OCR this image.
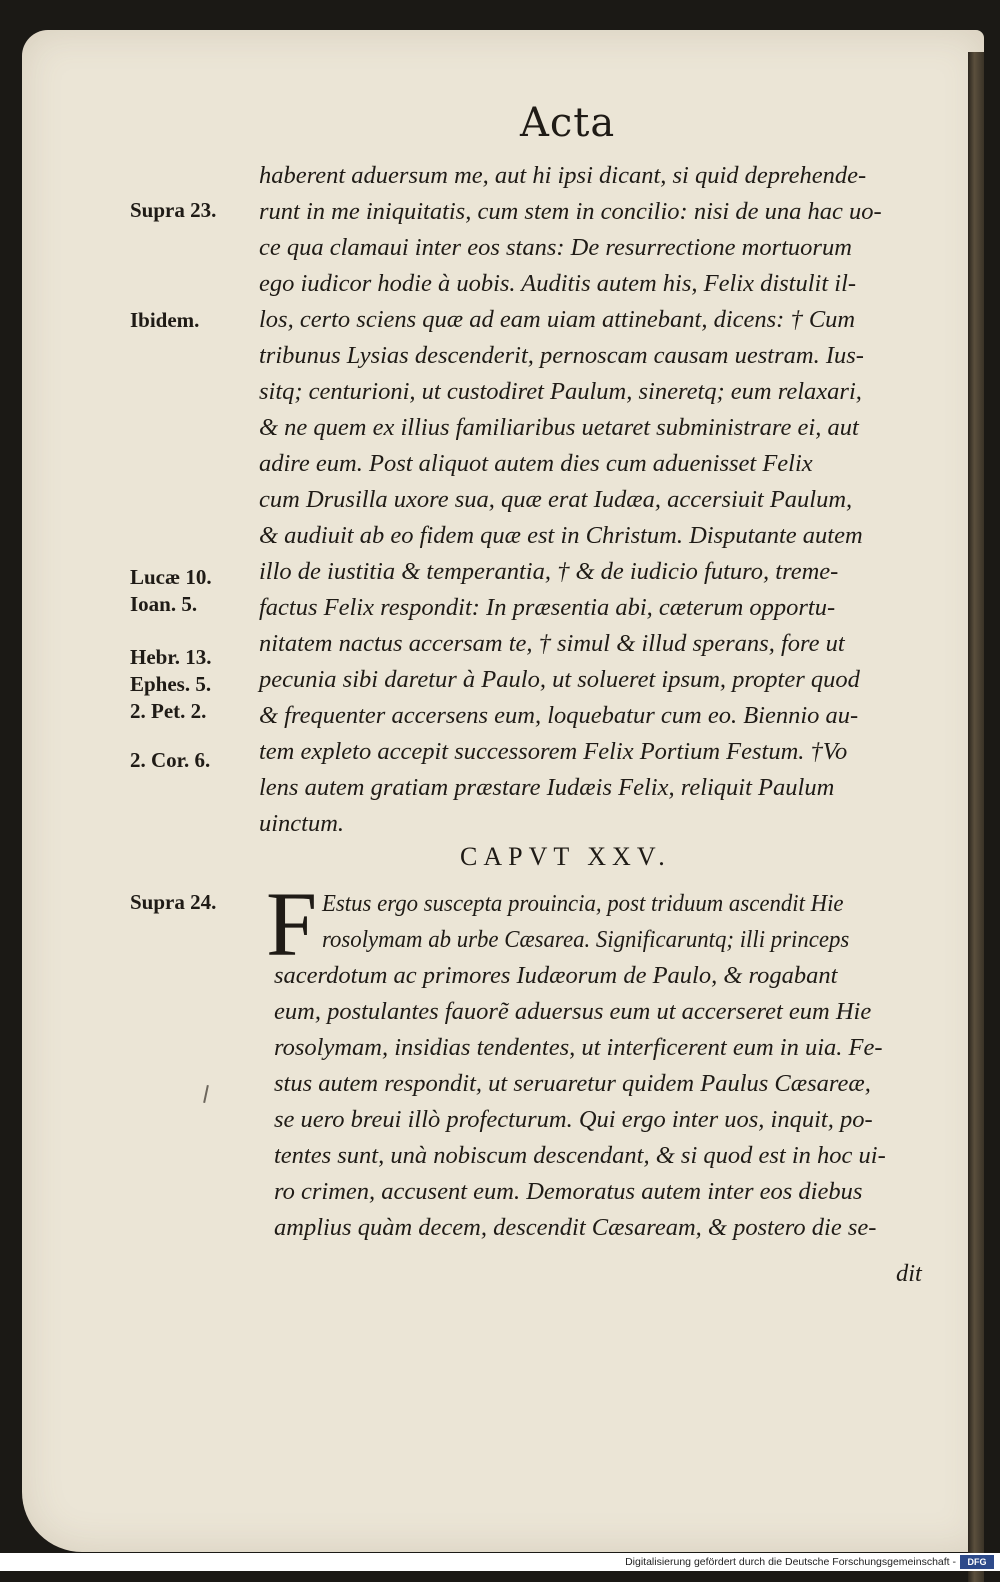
Acta
Supra 23.
Ibidem.
Lucæ 10.
Ioan. 5.
Hebr. 13.
Ephes. 5.
2. Pet. 2.
2. Cor. 6.
Supra 24.
haberent aduersum me, aut hi ipsi dicant, si quid deprehende-
runt in me iniquitatis, cum stem in concilio: nisi de una hac uo-
ce qua clamaui inter eos stans: De resurrectione mortuorum
ego iudicor hodie à uobis. Auditis autem his, Felix distulit il-
los, certo sciens quæ ad eam uiam attinebant, dicens: † Cum
tribunus Lysias descenderit, pernoscam causam uestram. Ius-
sitq; centurioni, ut custodiret Paulum, sineretq; eum relaxari,
& ne quem ex illius familiaribus uetaret subministrare ei, aut
adire eum. Post aliquot autem dies cum aduenisset Felix
cum Drusilla uxore sua, quæ erat Iudæa, accersiuit Paulum,
& audiuit ab eo fidem quæ est in Christum. Disputante autem
illo de iustitia & temperantia, † & de iudicio futuro, treme-
factus Felix respondit: In præsentia abi, cæterum opportu-
nitatem nactus accersam te, † simul & illud sperans, fore ut
pecunia sibi daretur à Paulo, ut solueret ipsum, propter quod
& frequenter accersens eum, loquebatur cum eo. Biennio au-
tem expleto accepit successorem Felix Portium Festum. †Vo
lens autem gratiam præstare Iudæis Felix, reliquit Paulum
uinctum.
CAPVT XXV.
F Estus ergo suscepta prouincia, post triduum ascendit Hie
rosolymam ab urbe Cæsarea. Significaruntq; illi princeps
sacerdotum ac primores Iudæorum de Paulo, & rogabant
eum, postulantes fauorẽ aduersus eum ut accerseret eum Hie
rosolymam, insidias tendentes, ut interficerent eum in uia. Fe-
stus autem respondit, ut seruaretur quidem Paulus Cæsareæ,
se uero breui illò profecturum. Qui ergo inter uos, inquit, po-
tentes sunt, unà nobiscum descendant, & si quod est in hoc ui-
ro crimen, accusent eum. Demoratus autem inter eos diebus
amplius quàm decem, descendit Cæsaream, & postero die se-
dit
Digitalisierung gefördert durch die Deutsche Forschungsgemeinschaft -	DFG
